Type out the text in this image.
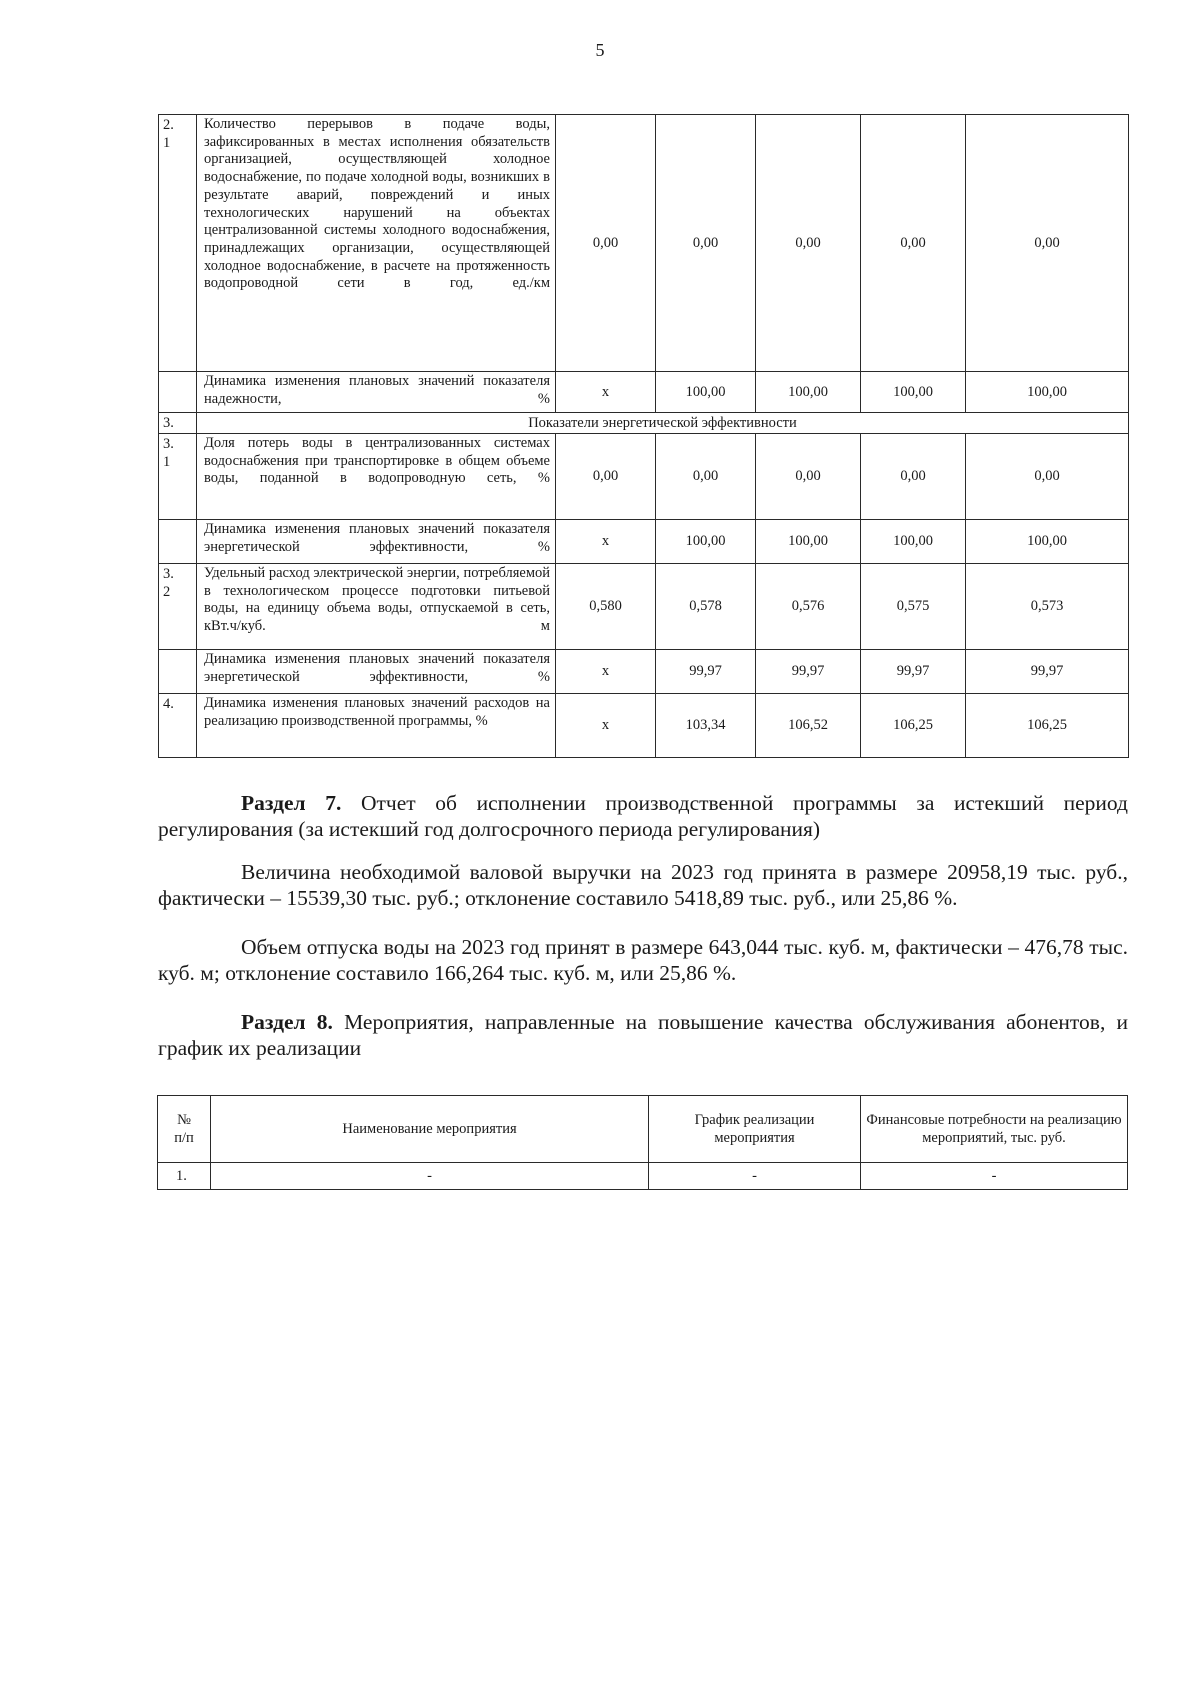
5
2.
1	Количество перерывов в подаче воды, зафиксированных в местах исполнения обязательств организацией, осуществляющей холодное водоснабжение, по подаче холодной воды, возникших в результате аварий, повреждений и иных технологических нарушений на объектах централизованной системы холодного водоснабжения, принадлежащих организации, осуществляющей холодное водоснабжение, в расчете на протяженность водопроводной сети в год, ед./км	0,00	0,00	0,00	0,00	0,00
	Динамика изменения плановых значений показателя надежности, %	х	100,00	100,00	100,00	100,00
3.	Показатели энергетической эффективности					
3.
1	Доля потерь воды в централизованных системах водоснабжения при транспортировке в общем объеме воды, поданной в водопроводную сеть, %	0,00	0,00	0,00	0,00	0,00
	Динамика изменения плановых значений показателя энергетической эффективности, %	х	100,00	100,00	100,00	100,00
3.
2	Удельный расход электрической энергии, потребляемой в технологическом процессе подготовки питьевой воды, на единицу объема воды, отпускаемой в сеть, кВт.ч/куб. м	0,580	0,578	0,576	0,575	0,573
	Динамика изменения плановых значений показателя энергетической эффективности, %	х	99,97	99,97	99,97	99,97
4.	Динамика изменения плановых значений расходов на реализацию производственной программы, %	х	103,34	106,52	106,25	106,25
Раздел 7. Отчет об исполнении производственной программы за истекший период регулирования (за истекший год долгосрочного периода регулирования)
Величина необходимой валовой выручки на 2023 год принята в размере 20958,19 тыс. руб., фактически – 15539,30 тыс. руб.; отклонение составило 5418,89 тыс. руб., или 25,86 %.
Объем отпуска воды на 2023 год принят в размере 643,044 тыс. куб. м, фактически – 476,78 тыс. куб. м; отклонение составило 166,264 тыс. куб. м, или 25,86 %.
Раздел 8. Мероприятия, направленные на повышение качества обслуживания абонентов, и график их реализации
№
п/п	Наименование мероприятия	График реализации мероприятия	Финансовые потребности на реализацию мероприятий, тыс. руб.
1.	-	-	-
